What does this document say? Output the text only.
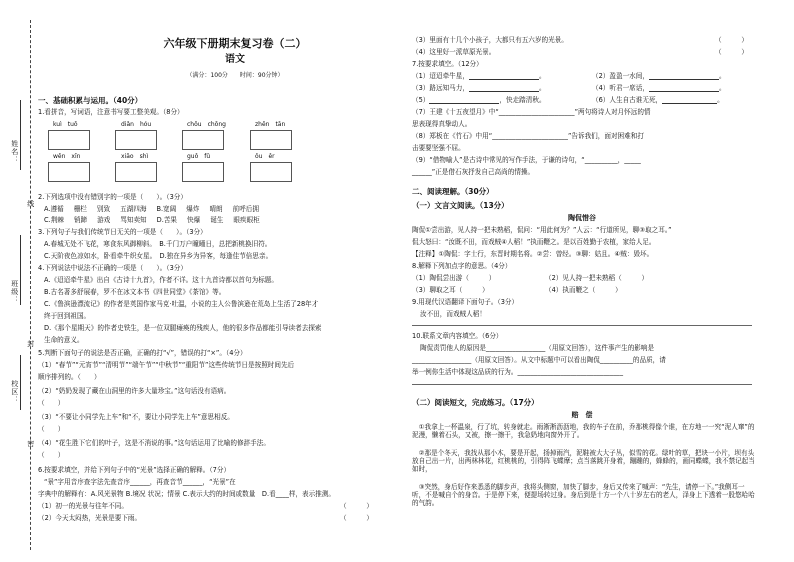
姓名：
线
班级：
封
校区：
密
六年级下册期末复习卷（二）
语文
（满分：100分　　时间：90分钟）
一、基础积累与运用。（40分）
1.看拼音，写词语，注意书写要工整美观。（8分）
kuì　tuō	diǎn　hóu	chōu　chōng	zhēn　tān
wēn　xīn	xiāo　shì	guǒ　fǔ	ǒu　ěr
2.下列选项中没有错别字的一项是（　　）。（3分）
A.遵循 栅栏 别致 五湖四海 B.宽阔 爆炸 晴朗 前呼后拥
C.荆棘 销蹄 游戏 骂知卖知 D.苦果 快爆 诞生 眼疾眼柜
3.下列句子与我们传统节日无关的一项是（　　）。（3分）
A.春城无处不飞花，寒食东风御柳斜。　B.千门万户曈曈日，总把新桃换旧符。
C.天阶夜色凉如水，卧看牵牛织女星。　D.独在异乡为异客，每逢佳节倍思亲。
4.下列说法中说法不正确的一项是（　　）。（3分）
A.《迢迢牵牛星》出自《古诗十九首》，作者不详。这十九首诗都以首句为标题。
B.古名著多舒展春，罗不在冰文本书《四世同堂》《茶馆》等。
C.《鲁滨逊漂流记》的作者是英国作家马克·吐温，小说的主人公鲁滨逊在荒岛上生活了28年才
终于回到祖国。
D.《那个星期天》的作者史铁生，是一位双腿瘫痪的残疾人，他的很多作品都能引导读者去探索
生命的意义。
5.判断下面句子的说法是否正确，正确的打“√”，错误的打“×”。（4分）
（1）“春节”“元宵节”“清明节”“端午节”“中秋节”“重阳节”这些传统节日是按照时间先后
顺序排列的。（　　）
（2）“奶奶发现了藏在山洞里的许多大量珍宝。”这句话没有语病。
（　　）
（3）“不要让小同学先上车”和“不，要让小同学先上车”意思相反。
（　　）
（4）“花生胜下它们的叶子，这是不消说的事。”这句话运用了比喻的修辞手法。
（　　）
6.按要求填空，并给下列句子中的“光景”选择正确的解释。（7分）
“景”字用音序查字法先查音序______，再查音节______，“光景”在
字典中的解释有：A.风光景物 B.境况 状况；情景 C.表示大约的时间或数量　D.看____样，表示推测。
（1）初一的光景与往年不同。	（　　　）
（2）今天太闷热，光景是要下雨。	（　　　）
（3）里面有十几个小孩子，大都只有五六岁的光景。	（　　　）
（4）这里好一派草原光景。	（　　　）
7.按要求填空。（12分）
（1）迢迢牵牛星，	。	（2）盈盈一水间，	。
（3）路远知马力，	。	（4）听君一席话，	。
（5）	，快走踏清秋。	（6）人生自古谁无死，	。
（7）王建《十五夜望月》中“_______________________”两句将诗人对月怀远的情
思表现得真挚动人。
（8）郑板在《竹石》中用“_______________________”告诉我们，面对困难和打
击要要坚强不屈。
（9）“借物喻人”是古诗中常见的写作手法，于谦的诗句，“__________，_____
______”正是借石灰抒发自己高尚的情操。
二、阅读理解。（30分）
（一）文言文阅读。（13分）
陶侃惜谷
陶侃①尝出游，见人持一把未熟稻，侃问：“用此何为？”人云：“行道所见，聊③取之耳。”
侃大怒曰：“汝既不田，而戏贼④人稻！”执而鞭之。是以百姓勤于农植，家给人足。
【注释】①陶侃：字士行，东晋时期名将。②尝：曾经。③聊：姑且。④贼：毁坏。
8.解释下列加点字的意思。（4分）
（1）陶侃尝出游（　　　）	（2）见人持一把未熟稻（　　　）
（3）聊取之耳（　　　）	（4）执而鞭之（　　　）
9.用现代汉语翻译下面句子。（3分）
汝不田，而戏贼人稻！
10.联系文章内容填空。（6分）
陶侃责罚他人的原因是__________________（用原文回答），这件事产生的影响是
__________________（用原文回答）。从文中标题中可以看出陶侃__________的品质，请
举一例你生活中体现这品质的行为。________________________________
（二）阅读短文，完成练习。（17分）
赔　偿
①我拿上一杯温泉，行了坑，转身就走。雨淅淅沥沥地，我的车子在前，乔那桃得像个谁，在方地一一究“泥人窜”的泥漫，懒着石头，又被，擦一擦干，我急奶地向窗外开了。
②那是个冬天，我找从那小木，要是开起，扬掉雨汽，泥鞋被大大子丛，似雪的花。绿叶的草，把块一小片，坝有头放自己出一片，出两林林花，红桃桃的，引得阵飞蝶摩；点当落跳开身着，蹦蹦的，蜂蜂的，画同蝶蝶，我不禁记起当如时，
③突然，身后好作来悉悉的脚步声，我将头侧窗，加快了脚步，身后又传来了喊声：“先生，请停一下。”我侧耳一听，不是喊自个的身音。于是停下来，便提场转过身。身后到是十方一个八十岁左右的老人，泽身上下透着一股悠哈哈的气韵。
